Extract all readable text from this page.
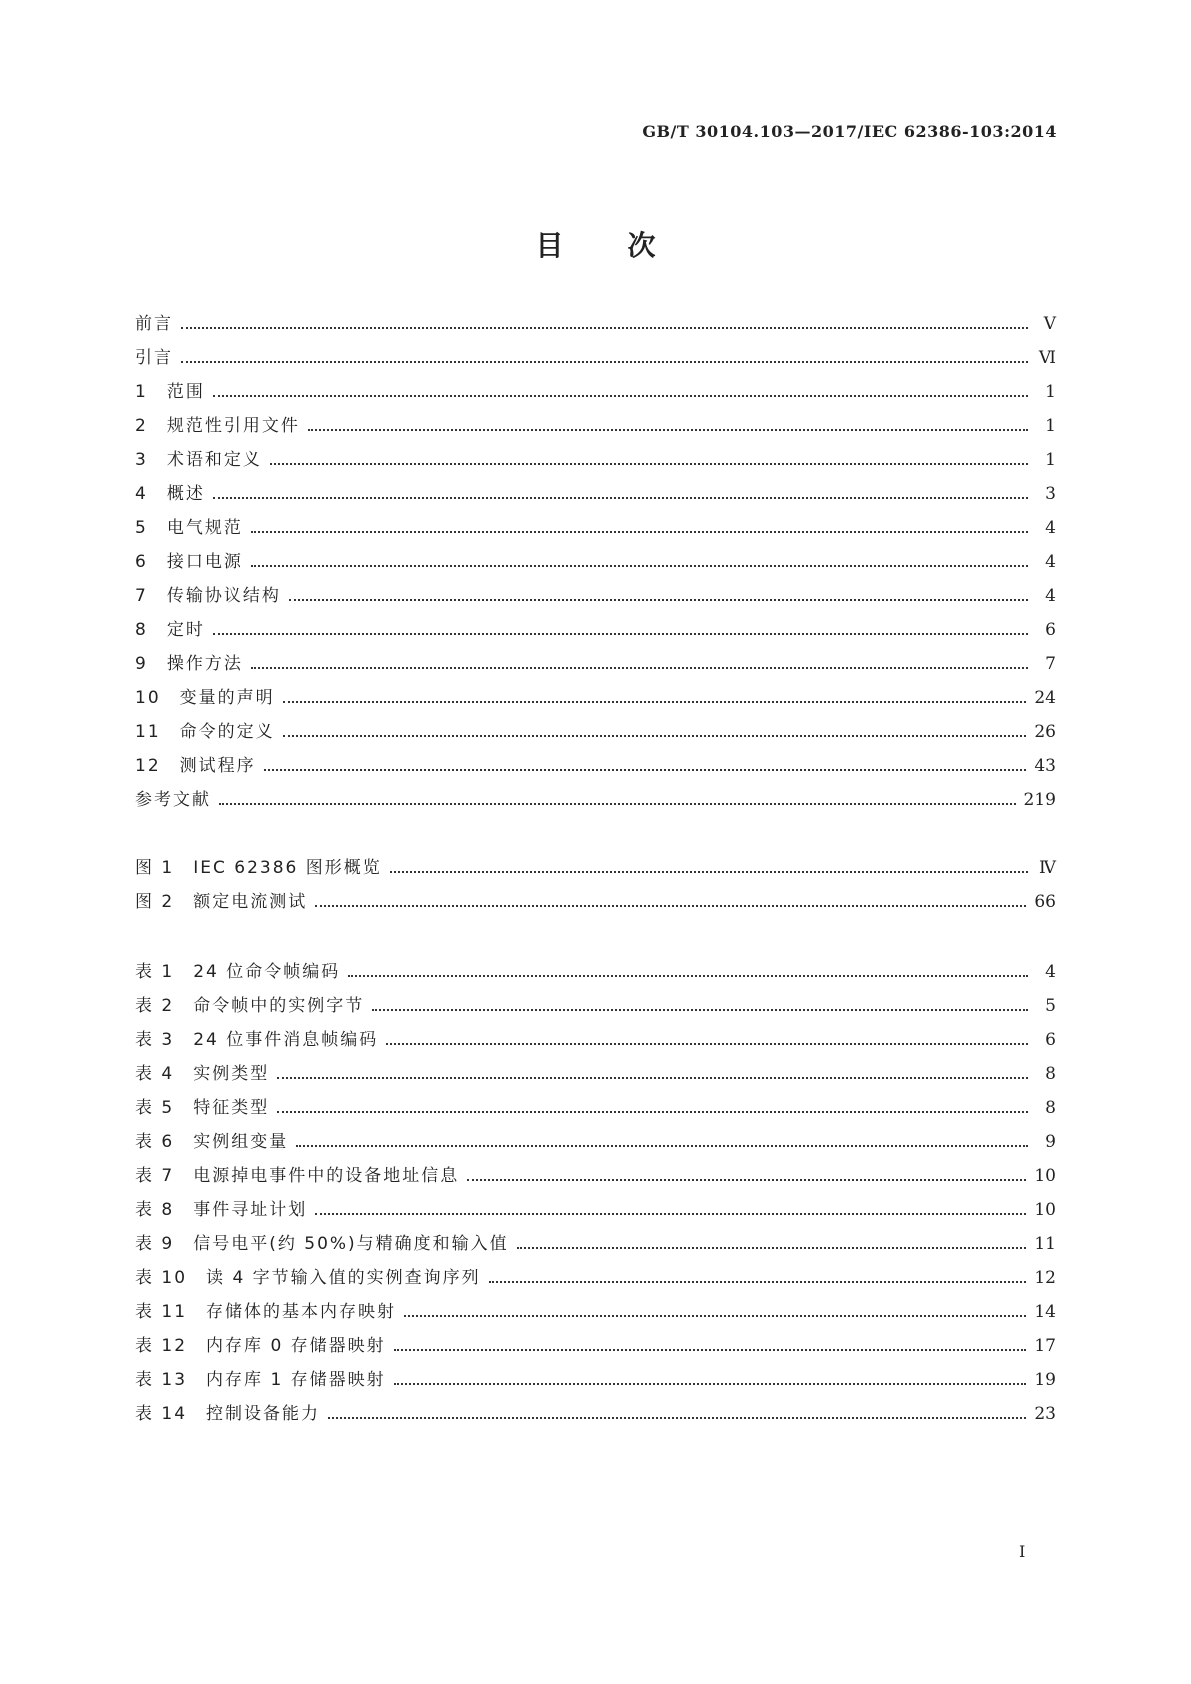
GB/T 30104.103—2017/IEC 62386-103:2014
目次
前言	Ⅴ
引言	Ⅵ
1　范围	1
2　规范性引用文件	1
3　术语和定义	1
4　概述	3
5　电气规范	4
6　接口电源	4
7　传输协议结构	4
8　定时	6
9　操作方法	7
10　变量的声明	24
11　命令的定义	26
12　测试程序	43
参考文献	219
图 1　IEC 62386 图形概览	Ⅳ
图 2　额定电流测试	66
表 1　24 位命令帧编码	4
表 2　命令帧中的实例字节	5
表 3　24 位事件消息帧编码	6
表 4　实例类型	8
表 5　特征类型	8
表 6　实例组变量	9
表 7　电源掉电事件中的设备地址信息	10
表 8　事件寻址计划	10
表 9　信号电平(约 50%)与精确度和输入值	11
表 10　读 4 字节输入值的实例查询序列	12
表 11　存储体的基本内存映射	14
表 12　内存库 0 存储器映射	17
表 13　内存库 1 存储器映射	19
表 14　控制设备能力	23
I
